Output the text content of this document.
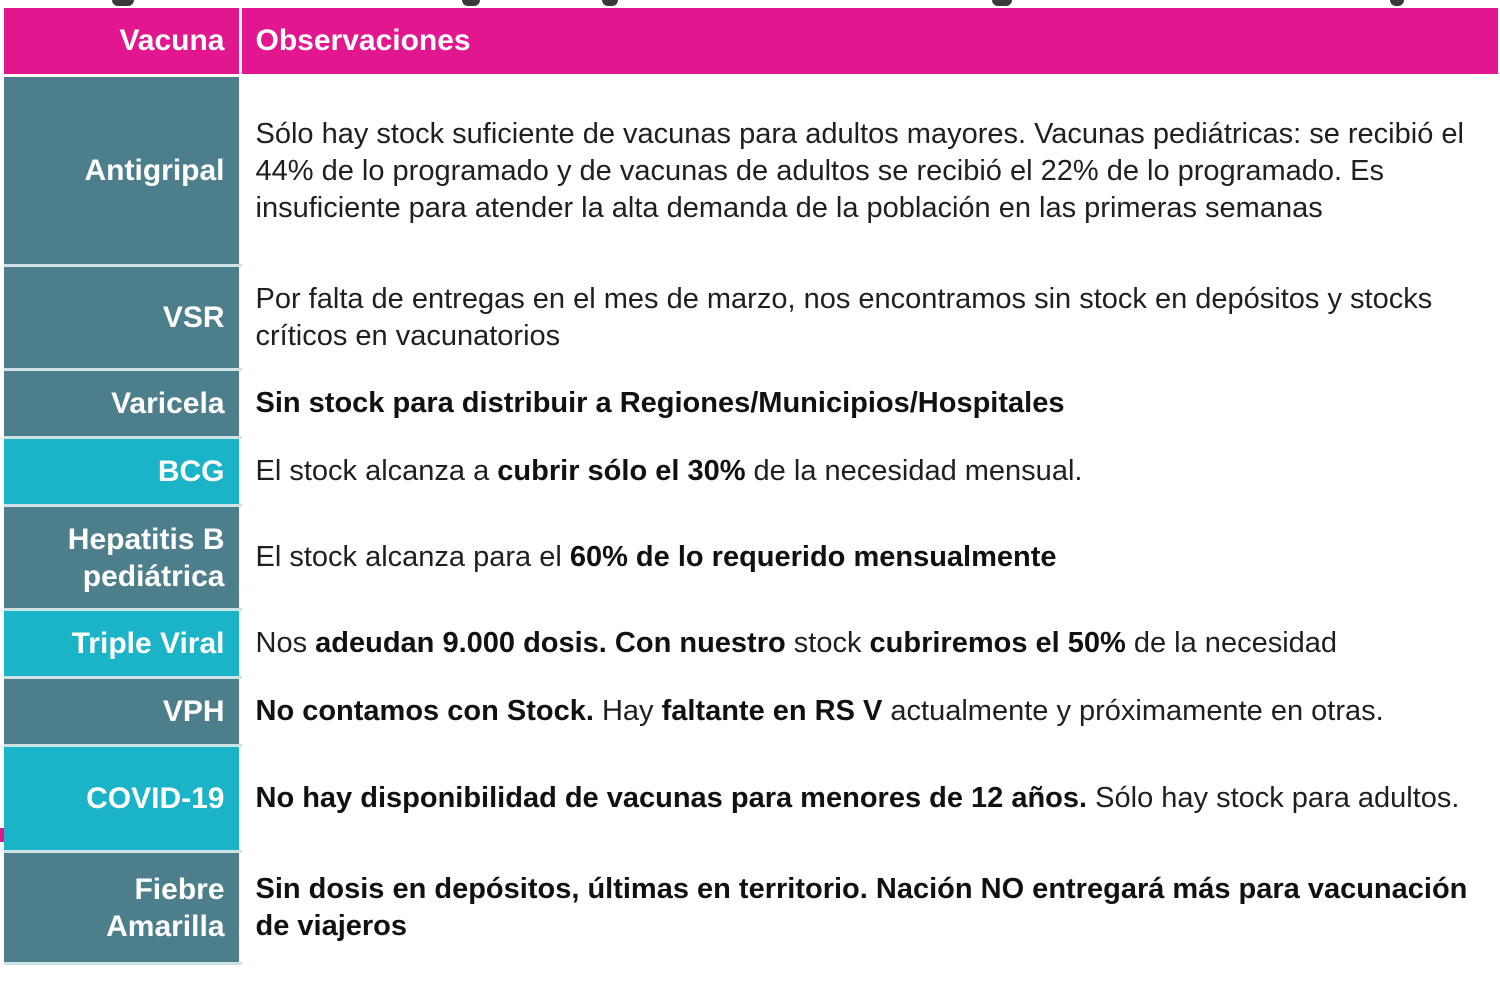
Vacuna	Observaciones
Antigripal	Sólo hay stock suficiente de vacunas para adultos mayores. Vacunas pediátricas: se recibió el 44% de lo programado y de vacunas de adultos se recibió el 22% de lo programado. Es insuficiente para atender la alta demanda de la población en las primeras semanas
VSR	Por falta de entregas en el mes de marzo, nos encontramos sin stock en depósitos y stocks críticos en vacunatorios
Varicela	Sin stock para distribuir a Regiones/Municipios/Hospitales
BCG	El stock alcanza a cubrir sólo el 30% de la necesidad mensual.
Hepatitis B pediátrica	El stock alcanza para el 60% de lo requerido mensualmente
Triple Viral	Nos adeudan 9.000 dosis. Con nuestro stock cubriremos el 50% de la necesidad
VPH	No contamos con Stock. Hay faltante en RS V actualmente y próximamente en otras.
COVID-19	No hay disponibilidad de vacunas para menores de 12 años. Sólo hay stock para adultos.
Fiebre Amarilla	Sin dosis en depósitos, últimas en territorio. Nación NO entregará más para vacunación de viajeros
